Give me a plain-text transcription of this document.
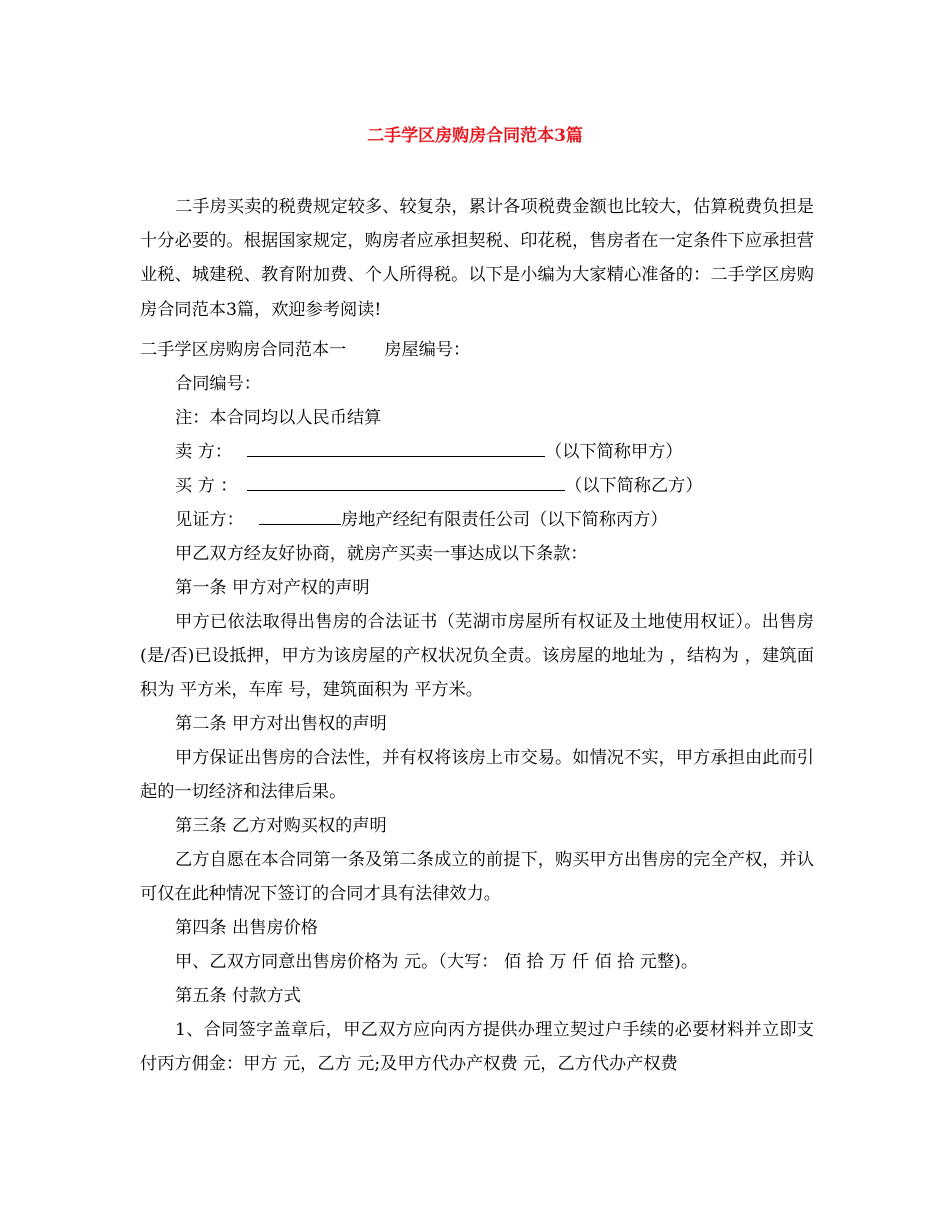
二手学区房购房合同范本3篇

二手房买卖的税费规定较多、较复杂，累计各项税费金额也比较大，估算税费负担是十分必要的。根据国家规定，购房者应承担契税、印花税，售房者在一定条件下应承担营业税、城建税、教育附加费、个人所得税。以下是小编为大家精心准备的：二手学区房购房合同范本3篇，欢迎参考阅读!

二手学区房购房合同范本一 房屋编号：
合同编号：
注：本合同均以人民币结算
卖 方：	（以下简称甲方）
买 方 ：	（以下简称乙方）
见证方：	房地产经纪有限责任公司（以下简称丙方）
甲乙双方经友好协商，就房产买卖一事达成以下条款：
第一条 甲方对产权的声明

甲方已依法取得出售房的合法证书（芜湖市房屋所有权证及土地使用权证）。出售房(是/否)已设抵押，甲方为该房屋的产权状况负全责。该房屋的地址为 ，结构为 ，建筑面积为 平方米，车库 号，建筑面积为 平方米。

第二条 甲方对出售权的声明

甲方保证出售房的合法性，并有权将该房上市交易。如情况不实，甲方承担由此而引起的一切经济和法律后果。

第三条 乙方对购买权的声明

乙方自愿在本合同第一条及第二条成立的前提下，购买甲方出售房的完全产权，并认可仅在此种情况下签订的合同才具有法律效力。

第四条 出售房价格
甲、乙双方同意出售房价格为 元。（大写： 佰 拾 万 仟 佰 拾 元整)。
第五条 付款方式

1、合同签字盖章后，甲乙双方应向丙方提供办理立契过户手续的必要材料并立即支付丙方佣金：甲方 元，乙方 元;及甲方代办产权费 元，乙方代办产权费
